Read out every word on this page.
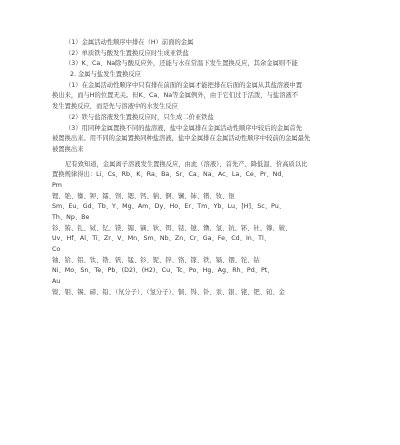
（1）金属活动性顺序中排在（H）前面的金属
（2）单质铁与酸发生置换反应时生成亚铁盐
（3）K、Ca、Na除与酸反应外，还能与水在常温下发生置换反应，其余金属则不能
2. 金属与盐发生置换反应
（1）在金属活动性顺序中只有排在前面的金属才能把排在后面的金属从其盐溶液中置
换出来，而与H的位置无关。但K、Ca、Na等金属例外，由于它们过于活泼，与盐溶液不
发生置换反应，而是先与溶液中的水发生反应
（2）铁与盐溶液发生置换反应时，只生成二价亚铁盐
（3）用同种金属置换不同的盐溶液，盐中金属排在金属活动性顺序中较后的金属首先
被置换出来。用不同的金属置换同种盐溶液，盐中金属排在金属活动性顺序中较前的金属最先
被置换出来
尼有致知道，金属离子溶液发生置换反应，由此（溶液）、首先产、降低温、价高质以比
置换规律得出：Li、Cs、Rb、K、Ra、Ba、Sr、Ca、Na、Ac、La、Ce、Pr、Nd、
Pm
锂、铯、铷、钾、镭、钡、锶、钙、钠、锕、镧、铈、镨、钕、钷
Sm、Eu、Gd、Tb、Y、Mg、Am、Dy、Ho、Er、Tm、Yb、Lu、[H]、Sc、Pu、
Th、Np、Be
钐、铕、钆、铽、钇、镁、镅、镝、钬、铒、铥、镱、镥、氢、钪、钚、钍、镎、铍、
Uv、Hf、Al、Ti、Zr、V、Mn、Sm、Nb、Zn、Cr、Ga、Fe、Cd、In、Tl、
Co
铀、铪、铝、钛、锆、钒、锰、钐、铌、锌、铬、镓、铁、镉、铟、铊、钴
Ni、Mo、Sn、Te、Pb、(D2)、(H2)、Cu、Tc、Po、Hg、Ag、Rh、Pd、Pt、
Au
镍、钼、锡、碲、铅、（氘分子）、（氢分子）、铜、锝、钋、汞、银、铑、钯、铂、金
